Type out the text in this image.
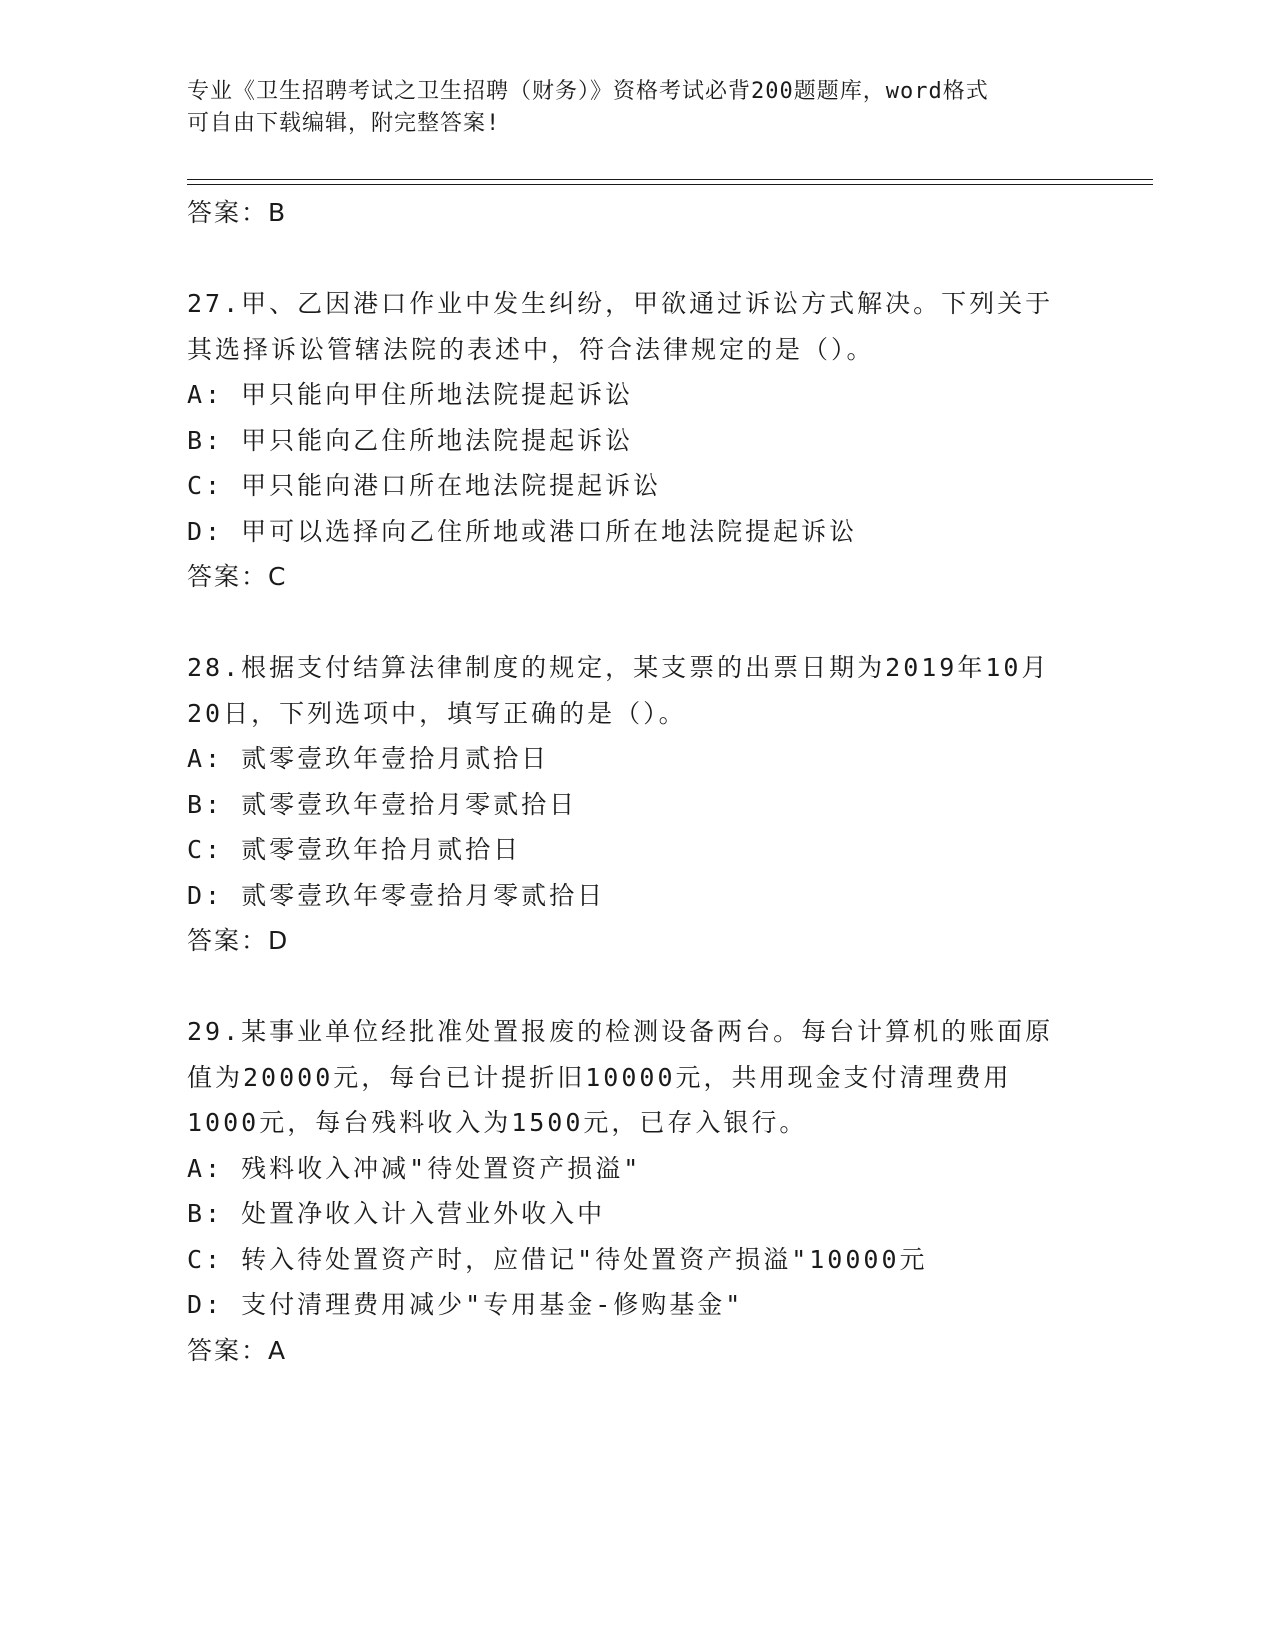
专业《卫生招聘考试之卫生招聘（财务）》资格考试必背200题题库，word格式
可自由下载编辑，附完整答案!
答案：B
27.甲、乙因港口作业中发生纠纷，甲欲通过诉讼方式解决。下列关于
其选择诉讼管辖法院的表述中，符合法律规定的是（）。
A: 甲只能向甲住所地法院提起诉讼
B: 甲只能向乙住所地法院提起诉讼
C: 甲只能向港口所在地法院提起诉讼
D: 甲可以选择向乙住所地或港口所在地法院提起诉讼
答案：C
28.根据支付结算法律制度的规定，某支票的出票日期为2019年10月
20日，下列选项中，填写正确的是（）。
A: 贰零壹玖年壹拾月贰拾日
B: 贰零壹玖年壹拾月零贰拾日
C: 贰零壹玖年拾月贰拾日
D: 贰零壹玖年零壹拾月零贰拾日
答案：D
29.某事业单位经批准处置报废的检测设备两台。每台计算机的账面原
值为20000元，每台已计提折旧10000元，共用现金支付清理费用
1000元，每台残料收入为1500元，已存入银行。
A: 残料收入冲减"待处置资产损溢"
B: 处置净收入计入营业外收入中
C: 转入待处置资产时，应借记"待处置资产损溢"10000元
D: 支付清理费用减少"专用基金-修购基金"
答案：A
